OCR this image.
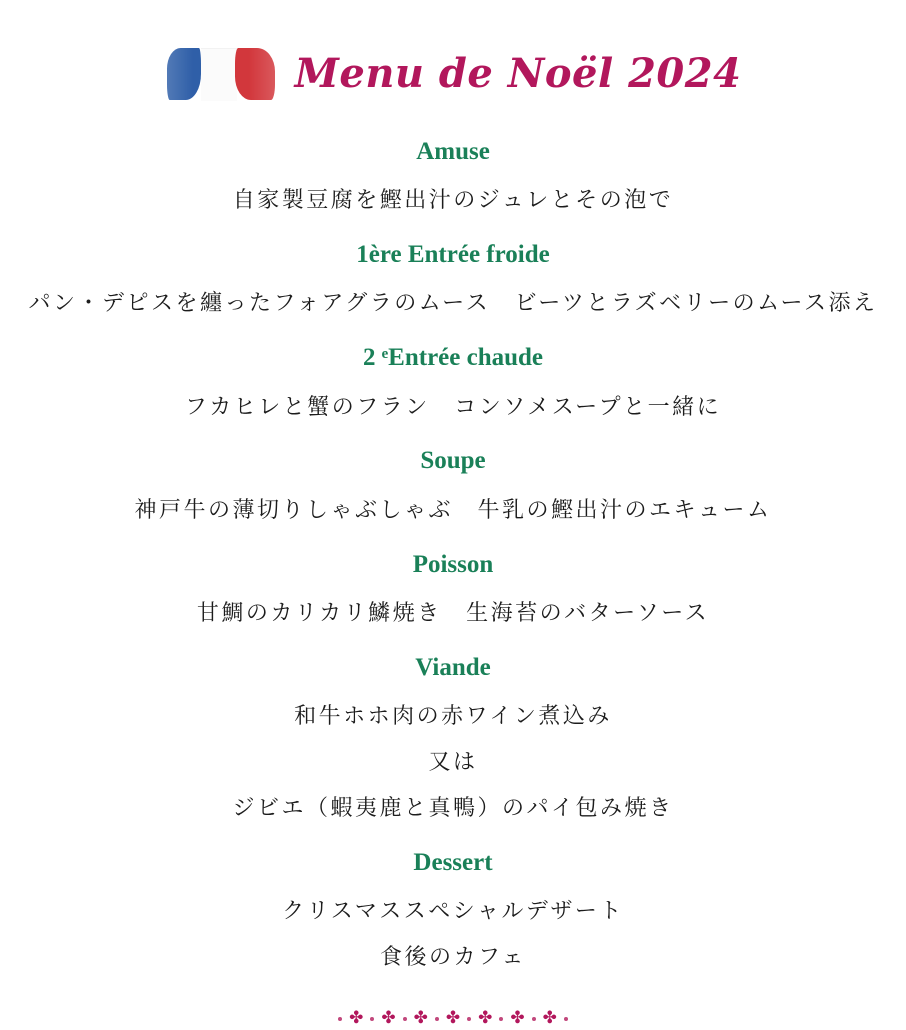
Menu de Noël 2024
Amuse
自家製豆腐を鰹出汁のジュレとその泡で
1ère Entrée froide
パン・デピスを纏ったフォアグラのムース　ビーツとラズベリーのムース添え
2 ᵉEntrée chaude
フカヒレと蟹のフラン　コンソメスープと一緒に
Soupe
神戸牛の薄切りしゃぶしゃぶ　牛乳の鰹出汁のエキューム
Poisson
甘鯛のカリカリ鱗焼き　生海苔のバターソース
Viande
和牛ホホ肉の赤ワイン煮込み
又は
ジビエ（蝦夷鹿と真鴨）のパイ包み焼き
Dessert
クリスマススペシャルデザート
食後のカフェ
✤ ✤ ✤ ✤ ✤ ✤ ✤
